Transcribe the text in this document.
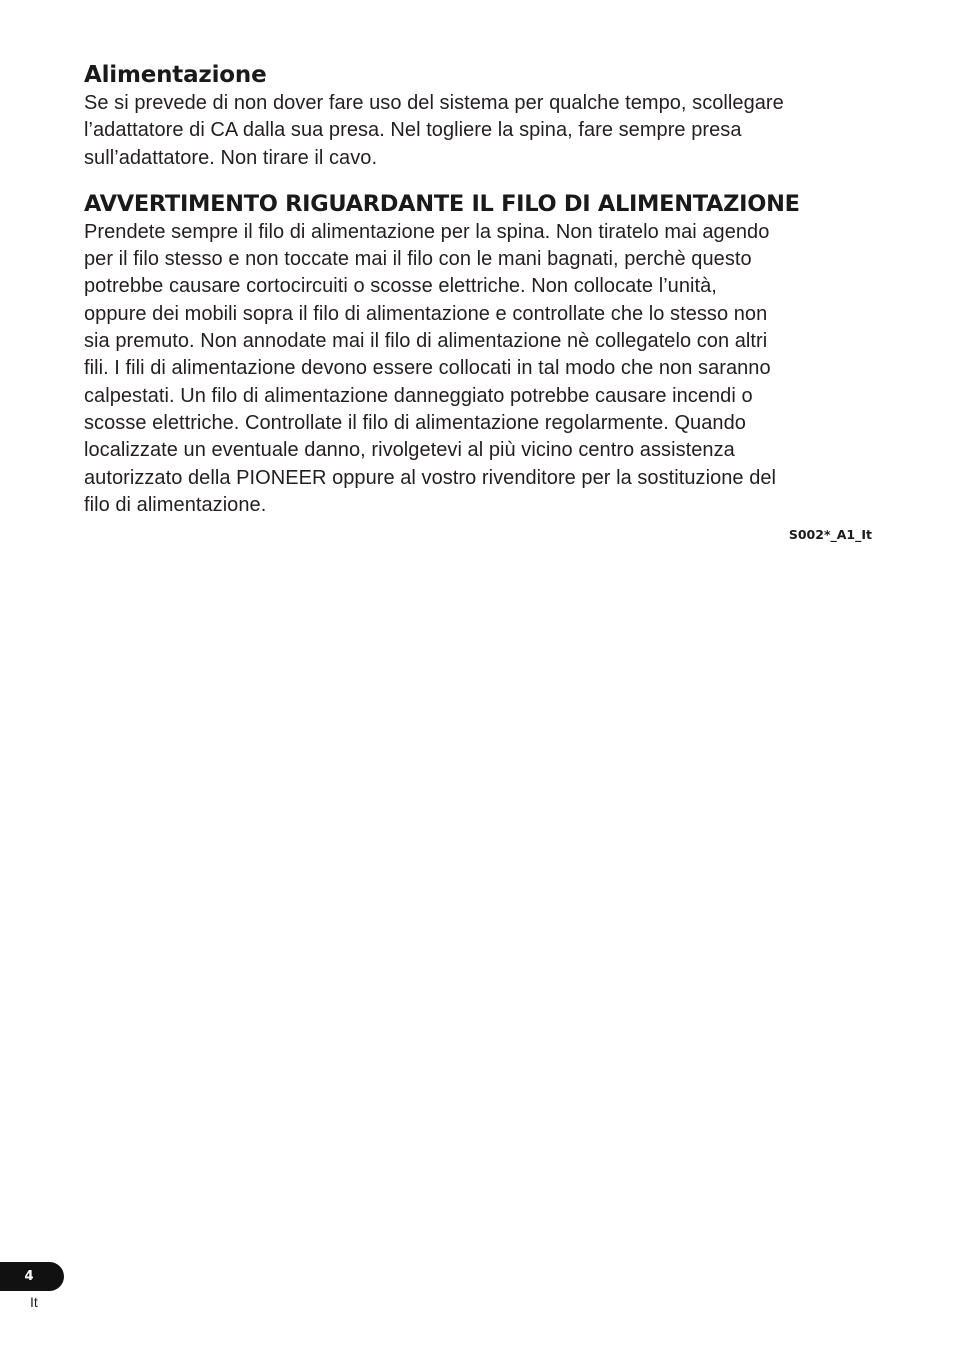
Alimentazione

Se si prevede di non dover fare uso del sistema per qualche tempo, scollegare
l’adattatore di CA dalla sua presa. Nel togliere la spina, fare sempre presa
sull’adattatore. Non tirare il cavo.

AVVERTIMENTO RIGUARDANTE IL FILO DI ALIMENTAZIONE

Prendete sempre il filo di alimentazione per la spina. Non tiratelo mai agendo
per il filo stesso e non toccate mai il filo con le mani bagnati, perchè questo
potrebbe causare cortocircuiti o scosse elettriche. Non collocate l’unità,
oppure dei mobili sopra il filo di alimentazione e controllate che lo stesso non
sia premuto. Non annodate mai il filo di alimentazione nè collegatelo con altri
fili. I fili di alimentazione devono essere collocati in tal modo che non saranno
calpestati. Un filo di alimentazione danneggiato potrebbe causare incendi o
scosse elettriche. Controllate il filo di alimentazione regolarmente. Quando
localizzate un eventuale danno, rivolgetevi al più vicino centro assistenza
autorizzato della PIONEER oppure al vostro rivenditore per la sostituzione del
filo di alimentazione.

S002*_A1_It
4
It
